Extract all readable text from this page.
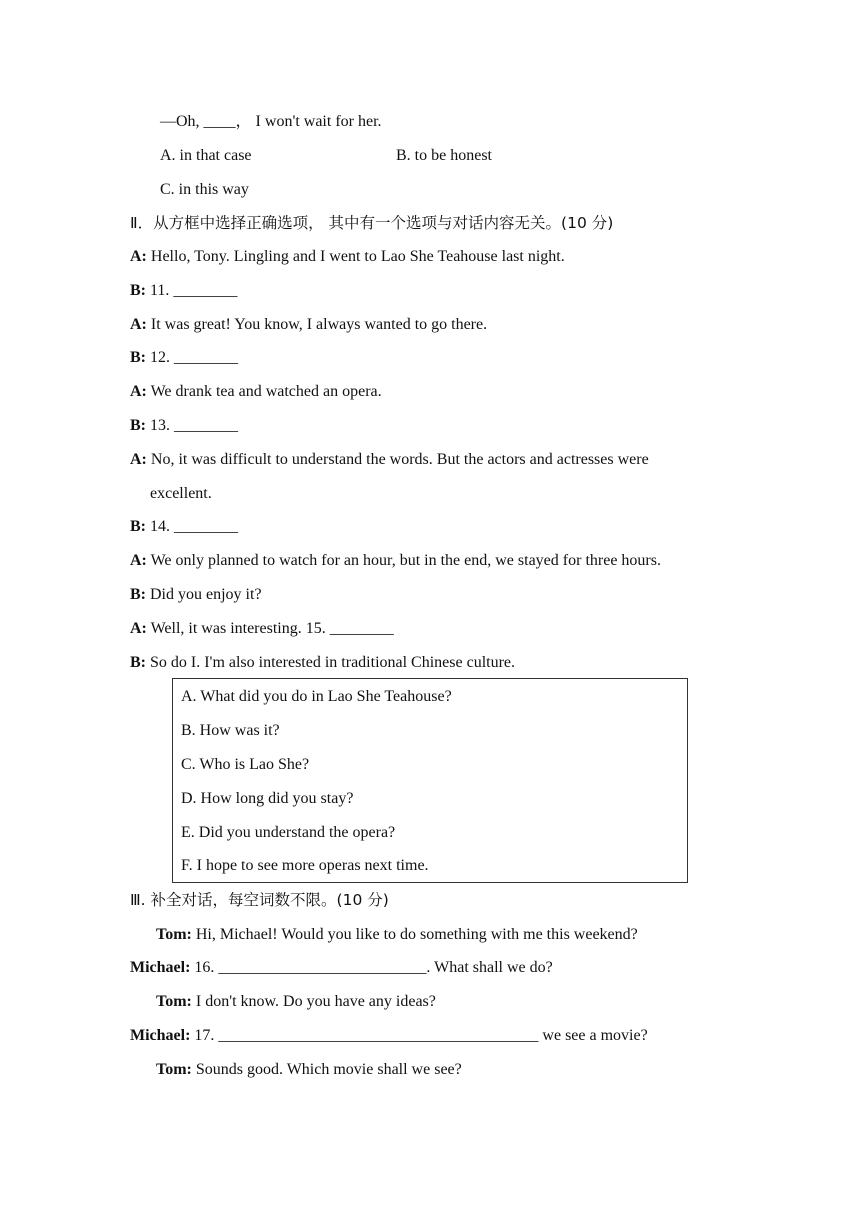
—Oh, ____， I won't wait for her.
A. in that case	B. to be honest
C. in this way
Ⅱ．从方框中选择正确选项， 其中有一个选项与对话内容无关。(10 分)
A: Hello, Tony. Lingling and I went to Lao She Teahouse last night.
B: 11. ________
A: It was great! You know, I always wanted to go there.
B: 12. ________
A: We drank tea and watched an opera.
B: 13. ________
A: No, it was difficult to understand the words. But the actors and actresses were
excellent.
B: 14. ________
A: We only planned to watch for an hour, but in the end, we stayed for three hours.
B: Did you enjoy it?
A: Well, it was interesting. 15. ________
B: So do I. I'm also interested in traditional Chinese culture.
A. What did you do in Lao She Teahouse?
B. How was it?
C. Who is Lao She?
D. How long did you stay?
E. Did you understand the opera?
F. I hope to see more operas next time.
Ⅲ. 补全对话，每空词数不限。(10 分)
Tom: Hi, Michael! Would you like to do something with me this weekend?
Michael: 16. __________________________. What shall we do?
Tom: I don't know. Do you have any ideas?
Michael: 17. ________________________________________ we see a movie?
Tom: Sounds good. Which movie shall we see?
